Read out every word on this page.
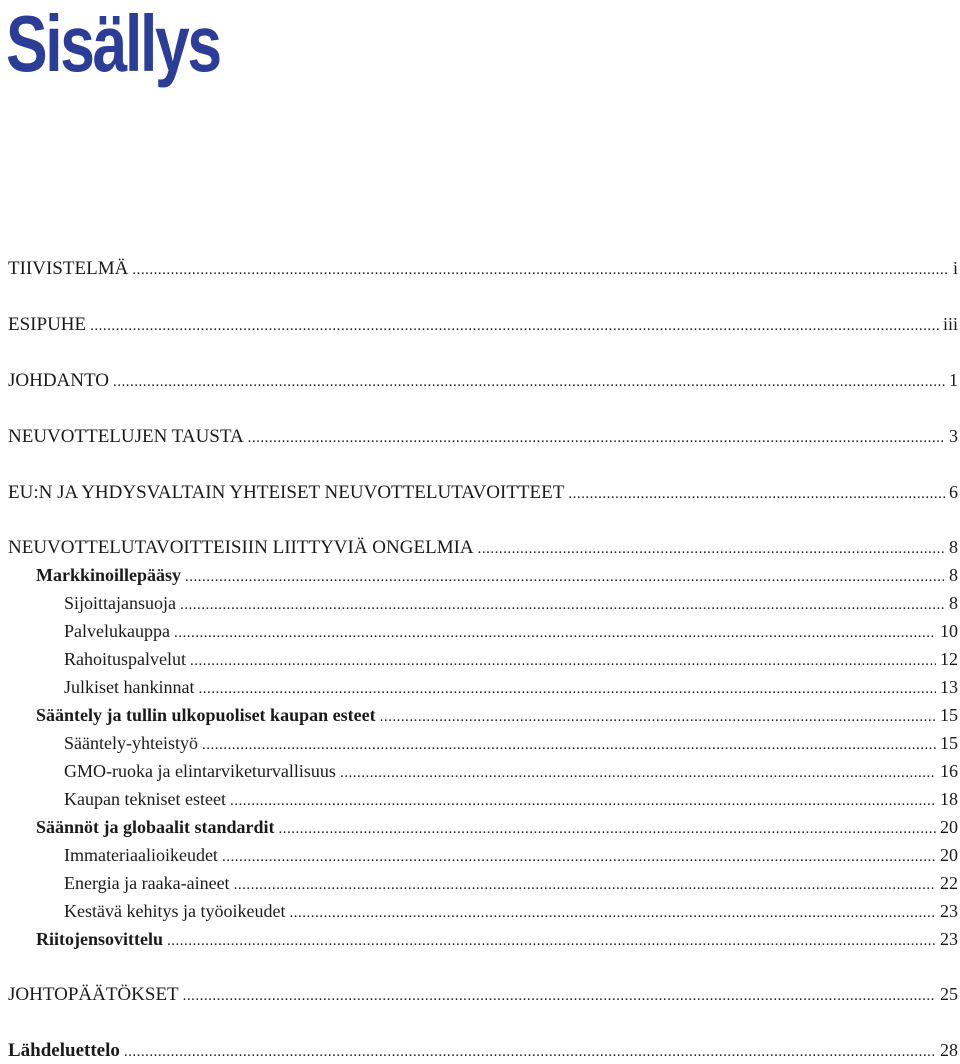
Sisällys
TIIVISTELMÄ .....	i
ESIPUHE .....	iii
JOHDANTO .....	1
NEUVOTTELUJEN TAUSTA .....	3
EU:N JA YHDYSVALTAIN YHTEISET NEUVOTTELUTAVOITTEET .....	6
NEUVOTTELUTAVOITTEISIIN LIITTYVIÄ ONGELMIA .....	8
Markkinoillepääsy .....	8
Sijoittajansuoja .....	8
Palvelukauppa .....	10
Rahoituspalvelut .....	12
Julkiset hankinnat .....	13
Sääntely ja tullin ulkopuoliset kaupan esteet .....	15
Sääntely-yhteistyö .....	15
GMO-ruoka ja elintarviketurvallisuus .....	16
Kaupan tekniset esteet .....	18
Säännöt ja globaalit standardit .....	20
Immateriaalioikeudet .....	20
Energia ja raaka-aineet .....	22
Kestävä kehitys ja työoikeudet .....	23
Riitojensovittelu .....	23
JOHTOPÄÄTÖKSET .....	25
Lähdeluettelo .....	28
